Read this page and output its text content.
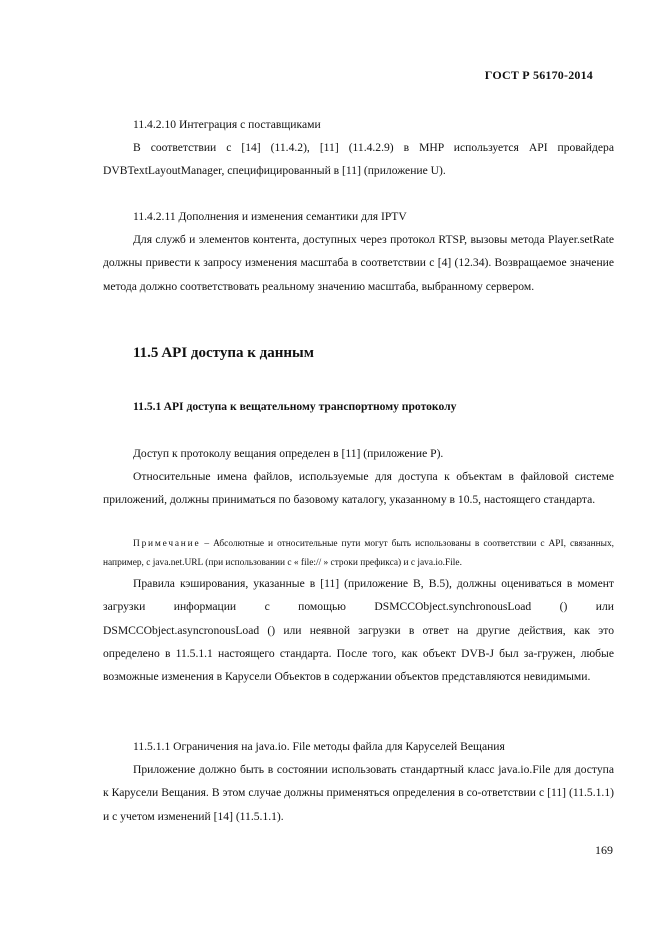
ГОСТ Р 56170-2014

11.4.2.10 Интеграция с поставщиками

В соответствии с [14] (11.4.2), [11] (11.4.2.9) в MHP используется API провайдера DVBTextLayoutManager, специфицированный в [11] (приложение U).

11.4.2.11 Дополнения и изменения семантики для IPTV

Для служб и элементов контента, доступных через протокол RTSP, вызовы метода Player.setRate должны привести к запросу изменения масштаба в соответствии с [4] (12.34). Возвращаемое значение метода должно соответствовать реальному значению масштаба, выбранному сервером.

11.5 API доступа к данным

11.5.1 API доступа к вещательному транспортному протоколу

Доступ к протоколу вещания определен в [11] (приложение P).

Относительные имена файлов, используемые для доступа к объектам в файловой системе приложений, должны приниматься по базовому каталогу, указанному в 10.5, настоящего стандарта.

Примечание – Абсолютные и относительные пути могут быть использованы в соответствии с API, связанных, например, с java.net.URL (при использовании с « file:// » строки префикса) и с java.io.File.

Правила кэширования, указанные в [11] (приложение B, B.5), должны оцениваться в момент загрузки информации с помощью DSMCCObject.synchronousLoad () или DSMCCObject.asyncronousLoad () или неявной загрузки в ответ на другие действия, как это определено в 11.5.1.1 настоящего стандарта. После того, как объект DVB-J был за-гружен, любые возможные изменения в Карусели Объектов в содержании объектов представляются невидимыми.

11.5.1.1 Ограничения на java.io. File методы файла для Каруселей Вещания

Приложение должно быть в состоянии использовать стандартный класс java.io.File для доступа к Карусели Вещания. В этом случае должны применяться определения в со-ответствии с [11] (11.5.1.1) и с учетом изменений [14] (11.5.1.1).

169
